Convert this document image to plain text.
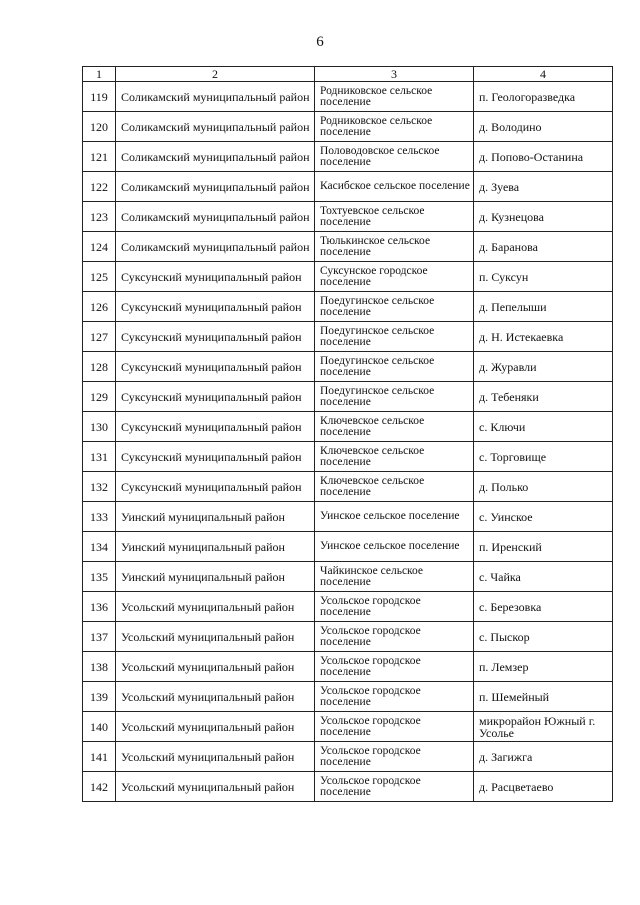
6
1	2	3	4
119	Соликамский муниципальный район	Родниковское сельское поселение	п. Геологоразведка
120	Соликамский муниципальный район	Родниковское сельское поселение	д. Володино
121	Соликамский муниципальный район	Половодовское сельское поселение	д. Попово-Останина
122	Соликамский муниципальный район	Касибское сельское поселение	д. Зуева
123	Соликамский муниципальный район	Тохтуевское сельское поселение	д. Кузнецова
124	Соликамский муниципальный район	Тюлькинское сельское поселение	д. Баранова
125	Суксунский муниципальный район	Суксунское городское поселение	п. Суксун
126	Суксунский муниципальный район	Поедугинское сельское поселение	д. Пепелыши
127	Суксунский муниципальный район	Поедугинское сельское поселение	д. Н. Истекаевка
128	Суксунский муниципальный район	Поедугинское сельское поселение	д. Журавли
129	Суксунский муниципальный район	Поедугинское сельское поселение	д. Тебеняки
130	Суксунский муниципальный район	Ключевское сельское поселение	с. Ключи
131	Суксунский муниципальный район	Ключевское сельское поселение	с. Торговище
132	Суксунский муниципальный район	Ключевское сельское поселение	д. Полько
133	Уинский муниципальный район	Уинское сельское поселение	с. Уинское
134	Уинский муниципальный район	Уинское сельское поселение	п. Иренский
135	Уинский муниципальный район	Чайкинское сельское поселение	с. Чайка
136	Усольский муниципальный район	Усольское городское поселение	с. Березовка
137	Усольский муниципальный район	Усольское городское поселение	с. Пыскор
138	Усольский муниципальный район	Усольское городское поселение	п. Лемзер
139	Усольский муниципальный район	Усольское городское поселение	п. Шемейный
140	Усольский муниципальный район	Усольское городское поселение	микрорайон Южный г. Усолье
141	Усольский муниципальный район	Усольское городское поселение	д. Загижга
142	Усольский муниципальный район	Усольское городское поселение	д. Расцветаево
